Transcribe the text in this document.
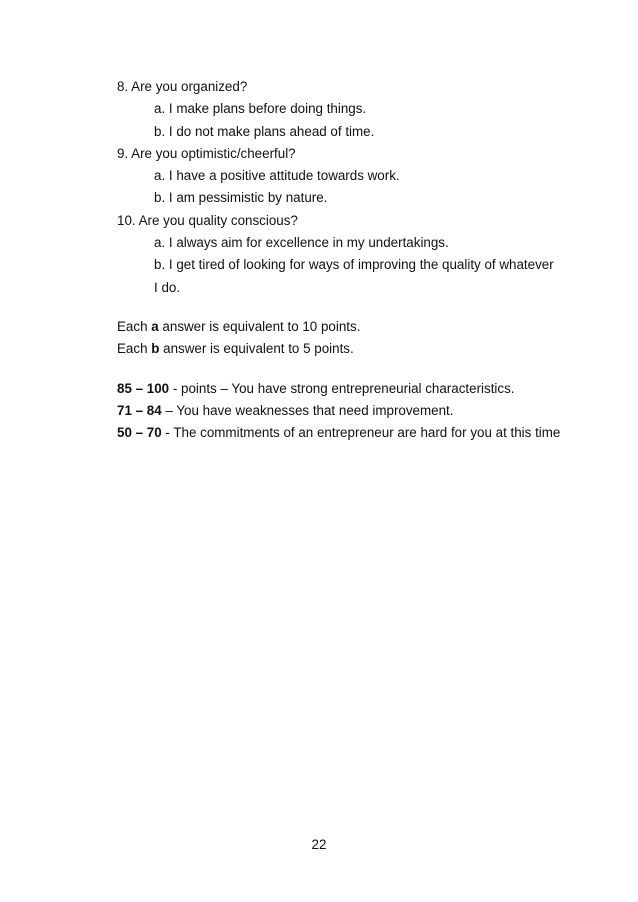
8. Are you organized?
a. I make plans before doing things.
b. I do not make plans ahead of time.
9. Are you optimistic/cheerful?
a. I have a positive attitude towards work.
b. I am pessimistic by nature.
10. Are you quality conscious?
a. I always aim for excellence in my undertakings.
b. I get tired of looking for ways of improving the quality of whatever I do.
Each a answer is equivalent to 10 points.
Each b answer is equivalent to 5 points.
85 – 100 - points – You have strong entrepreneurial characteristics.
71 – 84 – You have weaknesses that need improvement.
50 – 70 - The commitments of an entrepreneur are hard for you at this time
22
